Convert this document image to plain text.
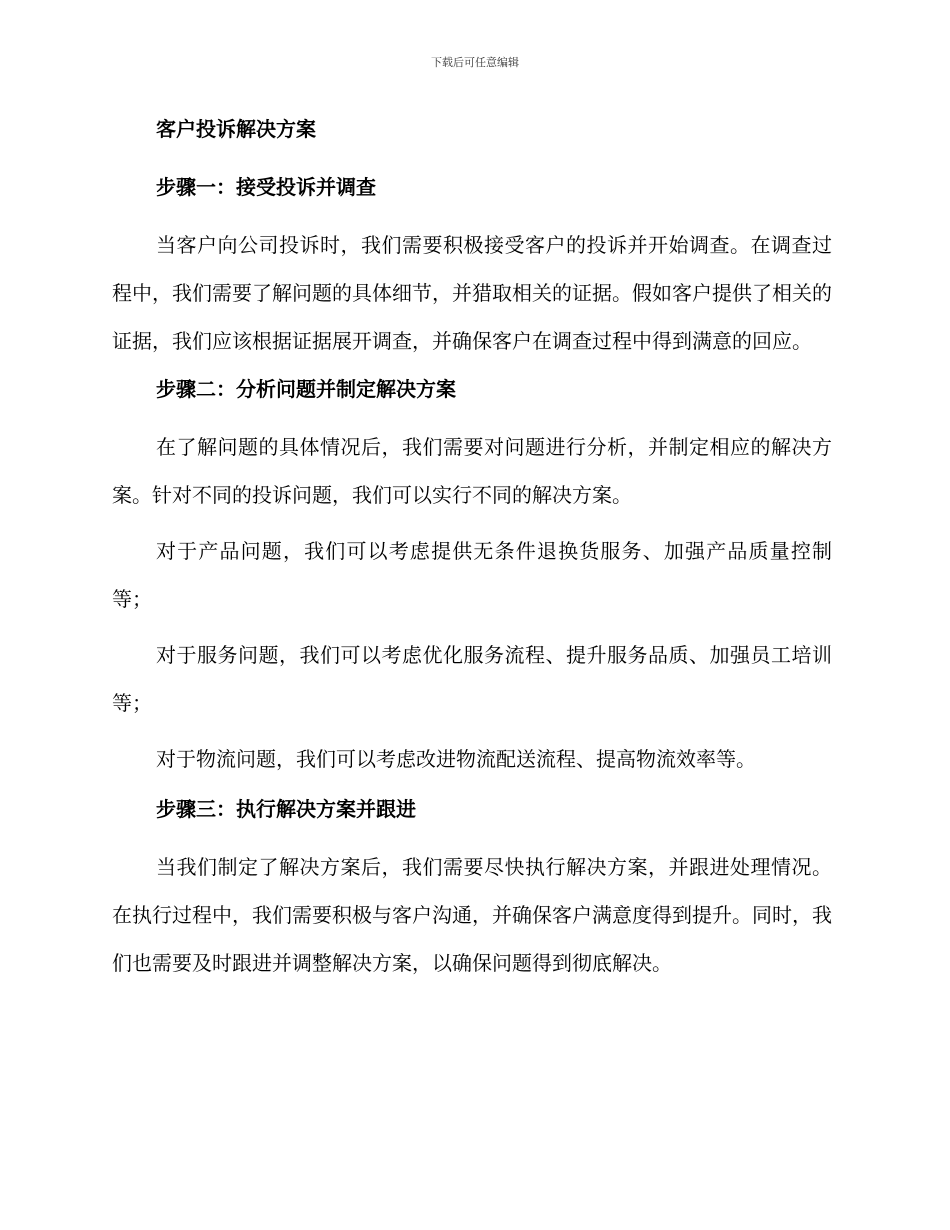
下载后可任意编辑
客户投诉解决方案
步骤一：接受投诉并调查

当客户向公司投诉时，我们需要积极接受客户的投诉并开始调查。在调查过程中，我们需要了解问题的具体细节，并猎取相关的证据。假如客户提供了相关的证据，我们应该根据证据展开调查，并确保客户在调查过程中得到满意的回应。

步骤二：分析问题并制定解决方案

在了解问题的具体情况后，我们需要对问题进行分析，并制定相应的解决方案。针对不同的投诉问题，我们可以实行不同的解决方案。

对于产品问题，我们可以考虑提供无条件退换货服务、加强产品质量控制等；

对于服务问题，我们可以考虑优化服务流程、提升服务品质、加强员工培训等；

对于物流问题，我们可以考虑改进物流配送流程、提高物流效率等。

步骤三：执行解决方案并跟进

当我们制定了解决方案后，我们需要尽快执行解决方案，并跟进处理情况。在执行过程中，我们需要积极与客户沟通，并确保客户满意度得到提升。同时，我们也需要及时跟进并调整解决方案，以确保问题得到彻底解决。
